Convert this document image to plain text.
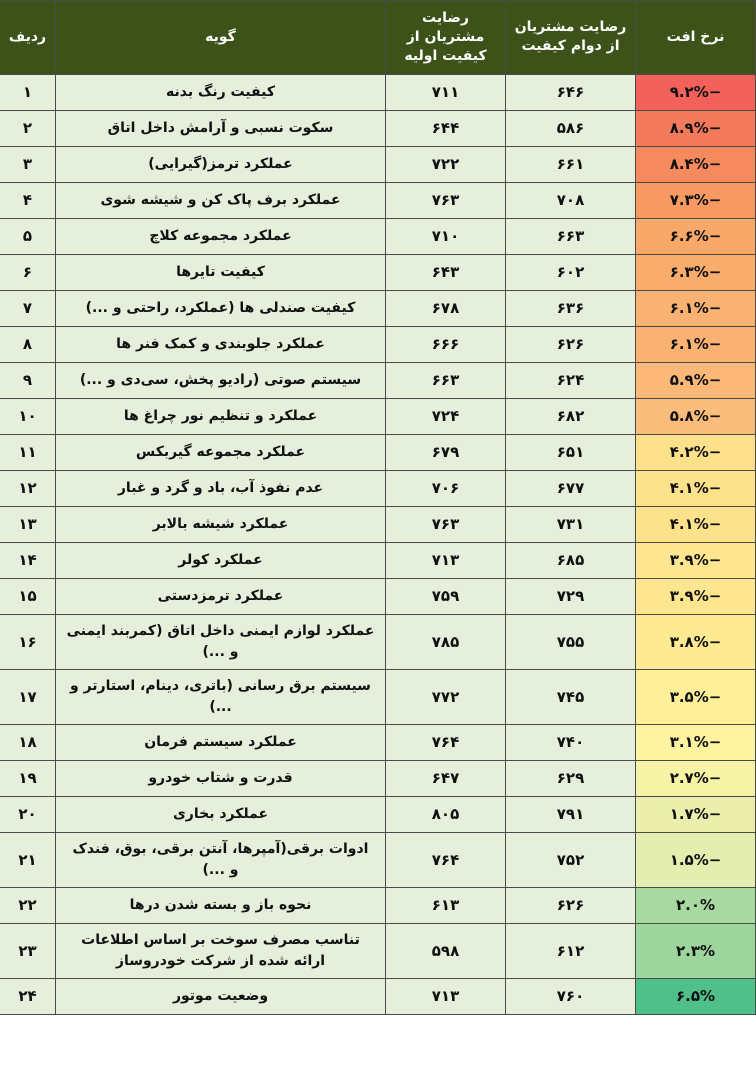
نرخ افت	رضایت مشتریان از دوام کیفیت	رضایت مشتریان از کیفیت اولیه	گویه	ردیف
−۹.۲%	۶۴۶	۷۱۱	کیفیت رنگ بدنه	۱
−۸.۹%	۵۸۶	۶۴۴	سکوت نسبی و آرامش داخل اتاق	۲
−۸.۴%	۶۶۱	۷۲۲	عملکرد ترمز(گیرایی)	۳
−۷.۳%	۷۰۸	۷۶۳	عملکرد برف پاک کن و شیشه شوی	۴
−۶.۶%	۶۶۳	۷۱۰	عملکرد مجموعه کلاچ	۵
−۶.۳%	۶۰۲	۶۴۳	کیفیت تایرها	۶
−۶.۱%	۶۳۶	۶۷۸	کیفیت صندلی ها (عملکرد، راحتی و ...)	۷
−۶.۱%	۶۲۶	۶۶۶	عملکرد جلوبندی و کمک فنر ها	۸
−۵.۹%	۶۲۴	۶۶۳	سیستم صوتی (رادیو پخش، سی‌دی و ...)	۹
−۵.۸%	۶۸۲	۷۲۴	عملکرد و تنظیم نور چراغ ها	۱۰
−۴.۲%	۶۵۱	۶۷۹	عملکرد مجموعه گیربکس	۱۱
−۴.۱%	۶۷۷	۷۰۶	عدم نفوذ آب، باد و گرد و غبار	۱۲
−۴.۱%	۷۳۱	۷۶۳	عملکرد شیشه بالابر	۱۳
−۳.۹%	۶۸۵	۷۱۳	عملکرد کولر	۱۴
−۳.۹%	۷۲۹	۷۵۹	عملکرد ترمزدستی	۱۵
−۳.۸%	۷۵۵	۷۸۵	عملکرد لوازم ایمنی داخل اتاق (کمربند ایمنی و ...)	۱۶
−۳.۵%	۷۴۵	۷۷۲	سیستم برق رسانی (باتری، دینام، استارتر و ...)	۱۷
−۳.۱%	۷۴۰	۷۶۴	عملکرد سیستم فرمان	۱۸
−۲.۷%	۶۲۹	۶۴۷	قدرت و شتاب خودرو	۱۹
−۱.۷%	۷۹۱	۸۰۵	عملکرد بخاری	۲۰
−۱.۵%	۷۵۲	۷۶۴	ادوات برقی(آمپرها، آنتن برقی، بوق، فندک و ...)	۲۱
۲.۰%	۶۲۶	۶۱۳	نحوه باز و بسته شدن درها	۲۲
۲.۳%	۶۱۲	۵۹۸	تناسب مصرف سوخت بر اساس اطلاعات ارائه شده از شرکت خودروساز	۲۳
۶.۵%	۷۶۰	۷۱۳	وضعیت موتور	۲۴
